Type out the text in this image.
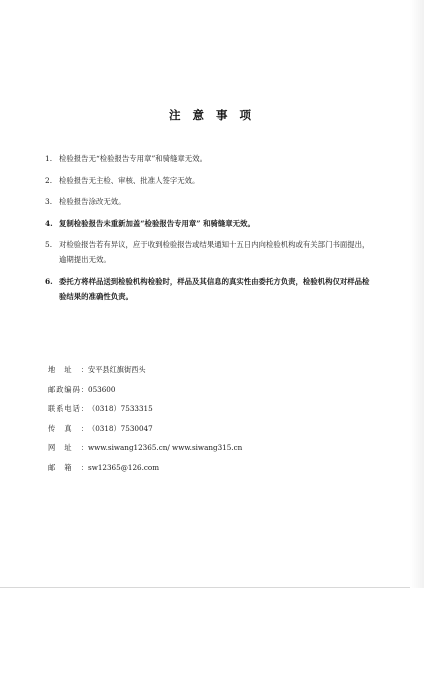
注 意 事 项
1. 检验报告无“检验报告专用章”和骑缝章无效。
2. 检验报告无主检、审核、批准人签字无效。
3. 检验报告涂改无效。
4. 复制检验报告未重新加盖“检验报告专用章” 和骑缝章无效。
5. 对检验报告若有异议，应于收到检验报告或结果通知十五日内向检验机构或有关部门书面提出，逾期提出无效。
6. 委托方将样品送到检验机构检验时，样品及其信息的真实性由委托方负责，检验机构仅对样品检验结果的准确性负责。
地址： 安平县红旗街西头
邮政编码： 053600
联系电话： （0318）7533315
传真： （0318）7530047
网址： www.siwang12365.cn/ www.siwang315.cn
邮箱： sw12365@126.com
